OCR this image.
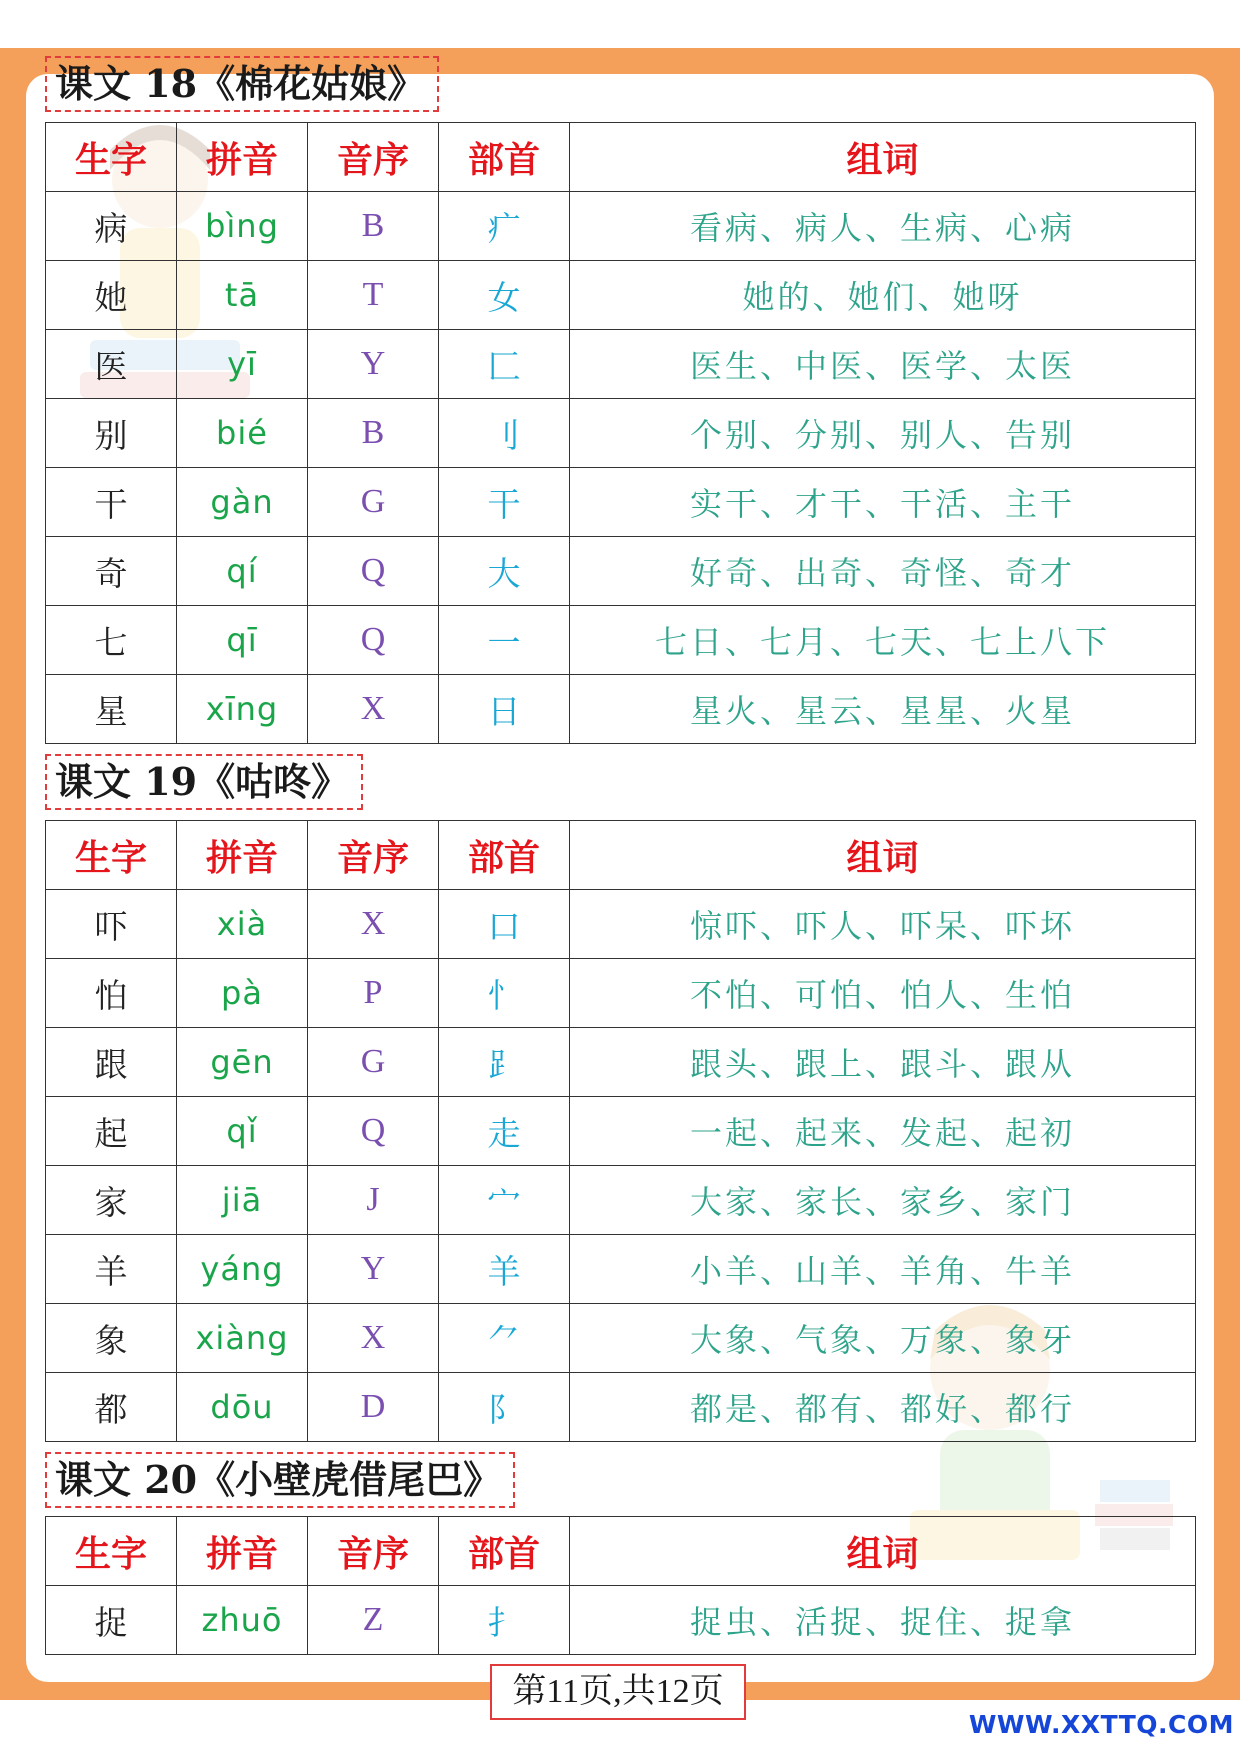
课文 18《棉花姑娘》
生字	拼音	音序	部首	组词
病	bìng	B	疒	看病、病人、生病、心病
她	tā	T	女	她的、她们、她呀
医	yī	Y	匚	医生、中医、医学、太医
别	bié	B	刂	个别、分别、别人、告别
干	gàn	G	干	实干、才干、干活、主干
奇	qí	Q	大	好奇、出奇、奇怪、奇才
七	qī	Q	一	七日、七月、七天、七上八下
星	xīng	X	日	星火、星云、星星、火星
课文 19《咕咚》
生字	拼音	音序	部首	组词
吓	xià	X	口	惊吓、吓人、吓呆、吓坏
怕	pà	P	忄	不怕、可怕、怕人、生怕
跟	gēn	G	⻊	跟头、跟上、跟斗、跟从
起	qǐ	Q	走	一起、起来、发起、起初
家	jiā	J	宀	大家、家长、家乡、家门
羊	yáng	Y	羊	小羊、山羊、羊角、牛羊
象	xiàng	X	⺈	大象、气象、万象、象牙
都	dōu	D	阝	都是、都有、都好、都行
课文 20《小壁虎借尾巴》
生字	拼音	音序	部首	组词
捉	zhuō	Z	扌	捉虫、活捉、捉住、捉拿
第11页,共12页
WWW.XXTTQ.COM
